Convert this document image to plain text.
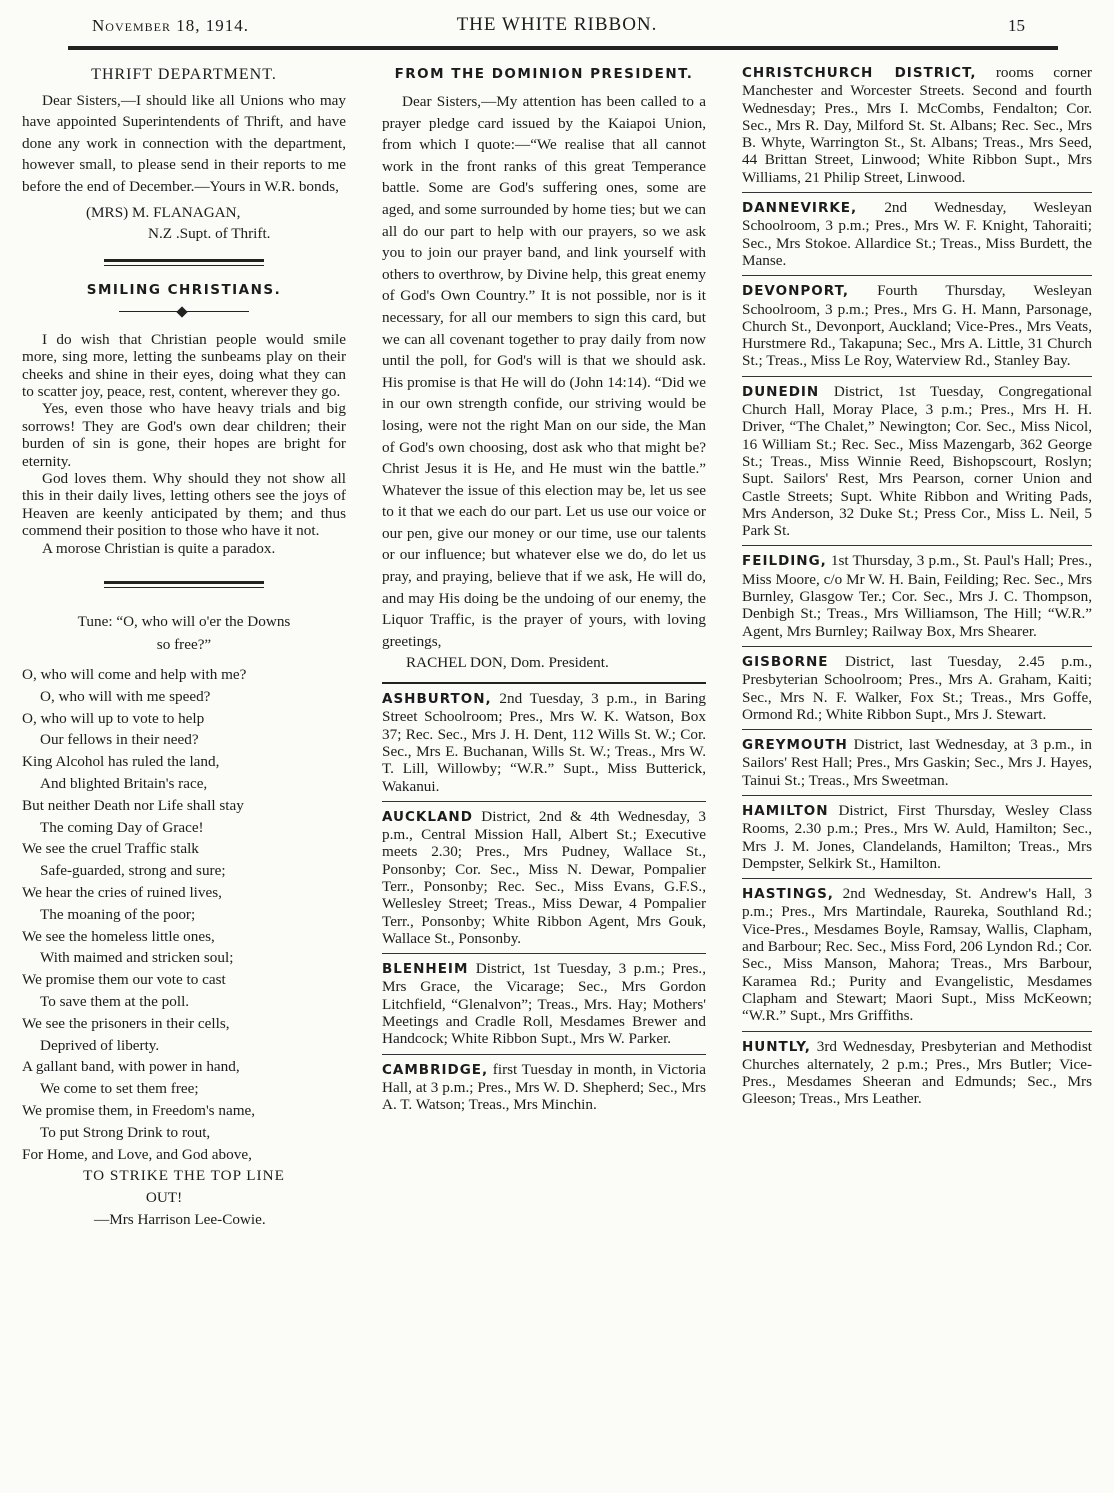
November 18, 1914.	THE WHITE RIBBON.	15
THRIFT DEPARTMENT.

Dear Sisters,—I should like all Unions who may have appointed Superintendents of Thrift, and have done any work in connection with the department, however small, to please send in their reports to me before the end of December.—Yours in W.R. bonds,

(MRS) M. FLANAGAN,

N.Z .Supt. of Thrift.

SMILING CHRISTIANS.

I do wish that Christian people would smile more, sing more, letting the sunbeams play on their cheeks and shine in their eyes, doing what they can to scatter joy, peace, rest, content, wherever they go.

Yes, even those who have heavy trials and big sorrows! They are God's own dear children; their burden of sin is gone, their hopes are bright for eternity.

God loves them. Why should they not show all this in their daily lives, letting others see the joys of Heaven are keenly anticipated by them; and thus commend their position to those who have it not.

A morose Christian is quite a paradox.

Tune: “O, who will o'er the Downs
so free?”

O, who will come and help with me?

O, who will with me speed?

O, who will up to vote to help

Our fellows in their need?

King Alcohol has ruled the land,

And blighted Britain's race,

But neither Death nor Life shall stay

The coming Day of Grace!

We see the cruel Traffic stalk

Safe-guarded, strong and sure;

We hear the cries of ruined lives,

The moaning of the poor;

We see the homeless little ones,

With maimed and stricken soul;

We promise them our vote to cast

To save them at the poll.

We see the prisoners in their cells,

Deprived of liberty.

A gallant band, with power in hand,

We come to set them free;

We promise them, in Freedom's name,

To put Strong Drink to rout,

For Home, and Love, and God above,

TO STRIKE THE TOP LINE

OUT!

—Mrs Harrison Lee-Cowie.

FROM THE DOMINION PRESIDENT.

Dear Sisters,—My attention has been called to a prayer pledge card issued by the Kaiapoi Union, from which I quote:—“We realise that all cannot work in the front ranks of this great Temperance battle. Some are God's suffering ones, some are aged, and some surrounded by home ties; but we can all do our part to help with our prayers, so we ask you to join our prayer band, and link yourself with others to overthrow, by Divine help, this great enemy of God's Own Country.” It is not possible, nor is it necessary, for all our members to sign this card, but we can all covenant together to pray daily from now until the poll, for God's will is that we should ask. His promise is that He will do (John 14:14). “Did we in our own strength confide, our striving would be losing, were not the right Man on our side, the Man of God's own choosing, dost ask who that might be? Christ Jesus it is He, and He must win the battle.” Whatever the issue of this election may be, let us see to it that we each do our part. Let us use our voice or our pen, give our money or our time, use our talents or our influence; but whatever else we do, do let us pray, and praying, believe that if we ask, He will do, and may His doing be the undoing of our enemy, the Liquor Traffic, is the prayer of yours, with loving greetings,

RACHEL DON, Dom. President.

ASHBURTON, 2nd Tuesday, 3 p.m., in Baring Street Schoolroom; Pres., Mrs W. K. Watson, Box 37; Rec. Sec., Mrs J. H. Dent, 112 Wills St. W.; Cor. Sec., Mrs E. Buchanan, Wills St. W.; Treas., Mrs W. T. Lill, Willowby; “W.R.” Supt., Miss Butterick, Wakanui.
AUCKLAND District, 2nd & 4th Wednesday, 3 p.m., Central Mission Hall, Albert St.; Executive meets 2.30; Pres., Mrs Pudney, Wallace St., Ponsonby; Cor. Sec., Miss N. Dewar, Pompalier Terr., Ponsonby; Rec. Sec., Miss Evans, G.F.S., Wellesley Street; Treas., Miss Dewar, 4 Pompalier Terr., Ponsonby; White Ribbon Agent, Mrs Gouk, Wallace St., Ponsonby.
BLENHEIM District, 1st Tuesday, 3 p.m.; Pres., Mrs Grace, the Vicarage; Sec., Mrs Gordon Litchfield, “Glenalvon”; Treas., Mrs. Hay; Mothers' Meetings and Cradle Roll, Mesdames Brewer and Handcock; White Ribbon Supt., Mrs W. Parker.
CAMBRIDGE, first Tuesday in month, in Victoria Hall, at 3 p.m.; Pres., Mrs W. D. Shepherd; Sec., Mrs A. T. Watson; Treas., Mrs Minchin.
CHRISTCHURCH DISTRICT, rooms corner Manchester and Worcester Streets. Second and fourth Wednesday; Pres., Mrs I. McCombs, Fendalton; Cor. Sec., Mrs R. Day, Milford St. St. Albans; Rec. Sec., Mrs B. Whyte, Warrington St., St. Albans; Treas., Mrs Seed, 44 Brittan Street, Linwood; White Ribbon Supt., Mrs Williams, 21 Philip Street, Linwood.
DANNEVIRKE, 2nd Wednesday, Wesleyan Schoolroom, 3 p.m.; Pres., Mrs W. F. Knight, Tahoraiti; Sec., Mrs Stokoe. Allardice St.; Treas., Miss Burdett, the Manse.
DEVONPORT, Fourth Thursday, Wesleyan Schoolroom, 3 p.m.; Pres., Mrs G. H. Mann, Parsonage, Church St., Devonport, Auckland; Vice-Pres., Mrs Veats, Hurstmere Rd., Takapuna; Sec., Mrs A. Little, 31 Church St.; Treas., Miss Le Roy, Waterview Rd., Stanley Bay.
DUNEDIN District, 1st Tuesday, Congregational Church Hall, Moray Place, 3 p.m.; Pres., Mrs H. H. Driver, “The Chalet,” Newington; Cor. Sec., Miss Nicol, 16 William St.; Rec. Sec., Miss Mazengarb, 362 George St.; Treas., Miss Winnie Reed, Bishopscourt, Roslyn; Supt. Sailors' Rest, Mrs Pearson, corner Union and Castle Streets; Supt. White Ribbon and Writing Pads, Mrs Anderson, 32 Duke St.; Press Cor., Miss L. Neil, 5 Park St.
FEILDING, 1st Thursday, 3 p.m., St. Paul's Hall; Pres., Miss Moore, c/o Mr W. H. Bain, Feilding; Rec. Sec., Mrs Burnley, Glasgow Ter.; Cor. Sec., Mrs J. C. Thompson, Denbigh St.; Treas., Mrs Williamson, The Hill; “W.R.” Agent, Mrs Burnley; Railway Box, Mrs Shearer.
GISBORNE District, last Tuesday, 2.45 p.m., Presbyterian Schoolroom; Pres., Mrs A. Graham, Kaiti; Sec., Mrs N. F. Walker, Fox St.; Treas., Mrs Goffe, Ormond Rd.; White Ribbon Supt., Mrs J. Stewart.
GREYMOUTH District, last Wednesday, at 3 p.m., in Sailors' Rest Hall; Pres., Mrs Gaskin; Sec., Mrs J. Hayes, Tainui St.; Treas., Mrs Sweetman.
HAMILTON District, First Thursday, Wesley Class Rooms, 2.30 p.m.; Pres., Mrs W. Auld, Hamilton; Sec., Mrs J. M. Jones, Clandelands, Hamilton; Treas., Mrs Dempster, Selkirk St., Hamilton.
HASTINGS, 2nd Wednesday, St. Andrew's Hall, 3 p.m.; Pres., Mrs Martindale, Raureka, Southland Rd.; Vice-Pres., Mesdames Boyle, Ramsay, Wallis, Clapham, and Barbour; Rec. Sec., Miss Ford, 206 Lyndon Rd.; Cor. Sec., Miss Manson, Mahora; Treas., Mrs Barbour, Karamea Rd.; Purity and Evangelistic, Mesdames Clapham and Stewart; Maori Supt., Miss McKeown; “W.R.” Supt., Mrs Griffiths.
HUNTLY, 3rd Wednesday, Presbyterian and Methodist Churches alternately, 2 p.m.; Pres., Mrs Butler; Vice-Pres., Mesdames Sheeran and Edmunds; Sec., Mrs Gleeson; Treas., Mrs Leather.
